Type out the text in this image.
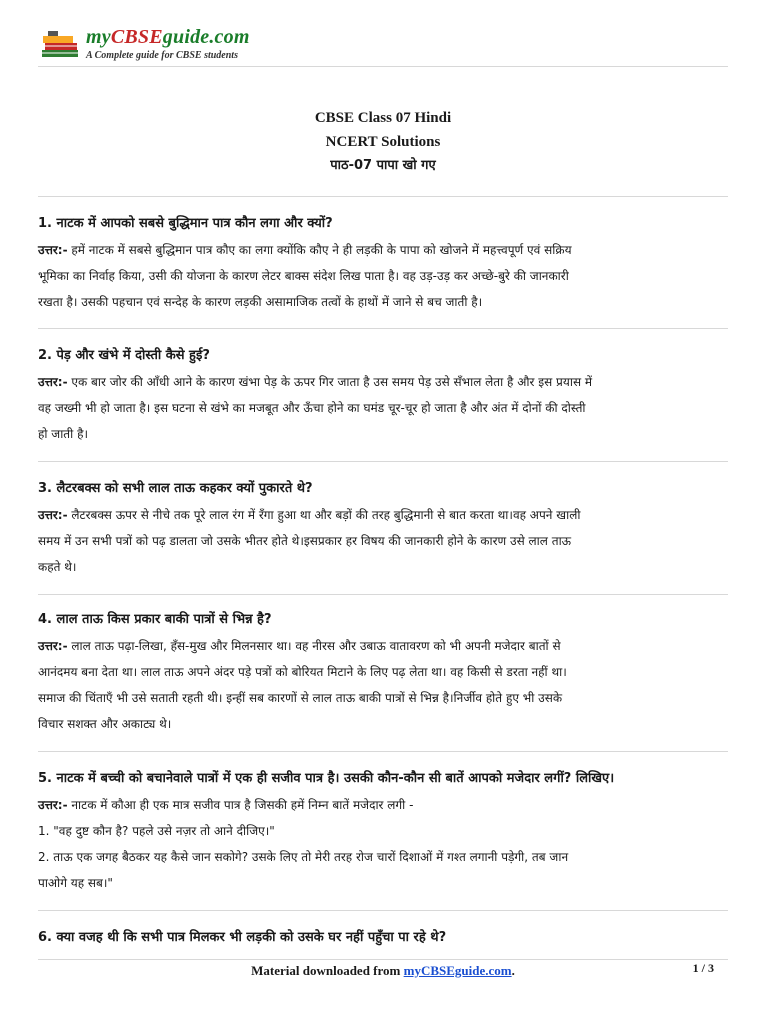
myCBSEguide.com
A Complete guide for CBSE students
CBSE Class 07 Hindi
NCERT Solutions
पाठ-07 पापा खो गए
1. नाटक में आपको सबसे बुद्धिमान पात्र कौन लगा और क्यों?
उत्तर:- हमें नाटक में सबसे बुद्धिमान पात्र कौए का लगा क्योंकि कौए ने ही लड़की के पापा को खोजने में महत्त्वपूर्ण एवं सक्रिय
भूमिका का निर्वाह किया, उसी की योजना के कारण लेटर बाक्स संदेश लिख पाता है। वह उड़-उड़ कर अच्छे-बुरे की जानकारी
रखता है। उसकी पहचान एवं सन्देह के कारण लड़की असामाजिक तत्वों के हाथों में जाने से बच जाती है।
2. पेड़ और खंभे में दोस्ती कैसे हुई?
उत्तर:- एक बार जोर की आँधी आने के कारण खंभा पेड़ के ऊपर गिर जाता है उस समय पेड़ उसे सँभाल लेता है और इस प्रयास में
वह जख्मी भी हो जाता है। इस घटना से खंभे का मजबूत और ऊँचा होने का घमंड चूर-चूर हो जाता है और अंत में दोनों की दोस्ती
हो जाती है।
3. लैटरबक्स को सभी लाल ताऊ कहकर क्यों पुकारते थे?
उत्तर:- लैटरबक्स ऊपर से नीचे तक पूरे लाल रंग में रँगा हुआ था और बड़ों की तरह बुद्धिमानी से बात करता था।वह अपने खाली
समय में उन सभी पत्रों को पढ़ डालता जो उसके भीतर होते थे।इसप्रकार हर विषय की जानकारी होने के कारण उसे लाल ताऊ
कहते थे।
4. लाल ताऊ किस प्रकार बाकी पात्रों से भिन्न है?
उत्तर:- लाल ताऊ पढ़ा-लिखा, हँस-मुख और मिलनसार था। वह नीरस और उबाऊ वातावरण को भी अपनी मजेदार बातों से
आनंदमय बना देता था। लाल ताऊ अपने अंदर पड़े पत्रों को बोरियत मिटाने के लिए पढ़ लेता था। वह किसी से डरता नहीं था।
समाज की चिंताएँ भी उसे सताती रहती थी। इन्हीं सब कारणों से लाल ताऊ बाकी पात्रों से भिन्न है।निर्जीव होते हुए भी उसके
विचार सशक्त और अकाट्य थे।
5. नाटक में बच्ची को बचानेवाले पात्रों में एक ही सजीव पात्र है। उसकी कौन-कौन सी बातें आपको मजेदार लगीं? लिखिए।
उत्तर:- नाटक में कौआ ही एक मात्र सजीव पात्र है जिसकी हमें निम्न बातें मजेदार लगी -
1. "वह दुष्ट कौन है? पहले उसे नज़र तो आने दीजिए।"
2. ताऊ एक जगह बैठकर यह कैसे जान सकोगे? उसके लिए तो मेरी तरह रोज चारों दिशाओं में गश्त लगानी पड़ेगी, तब जान
पाओगे यह सब।"
6. क्या वजह थी कि सभी पात्र मिलकर भी लड़की को उसके घर नहीं पहुँचा पा रहे थे?
Material downloaded from myCBSEguide.com.	1 / 3
